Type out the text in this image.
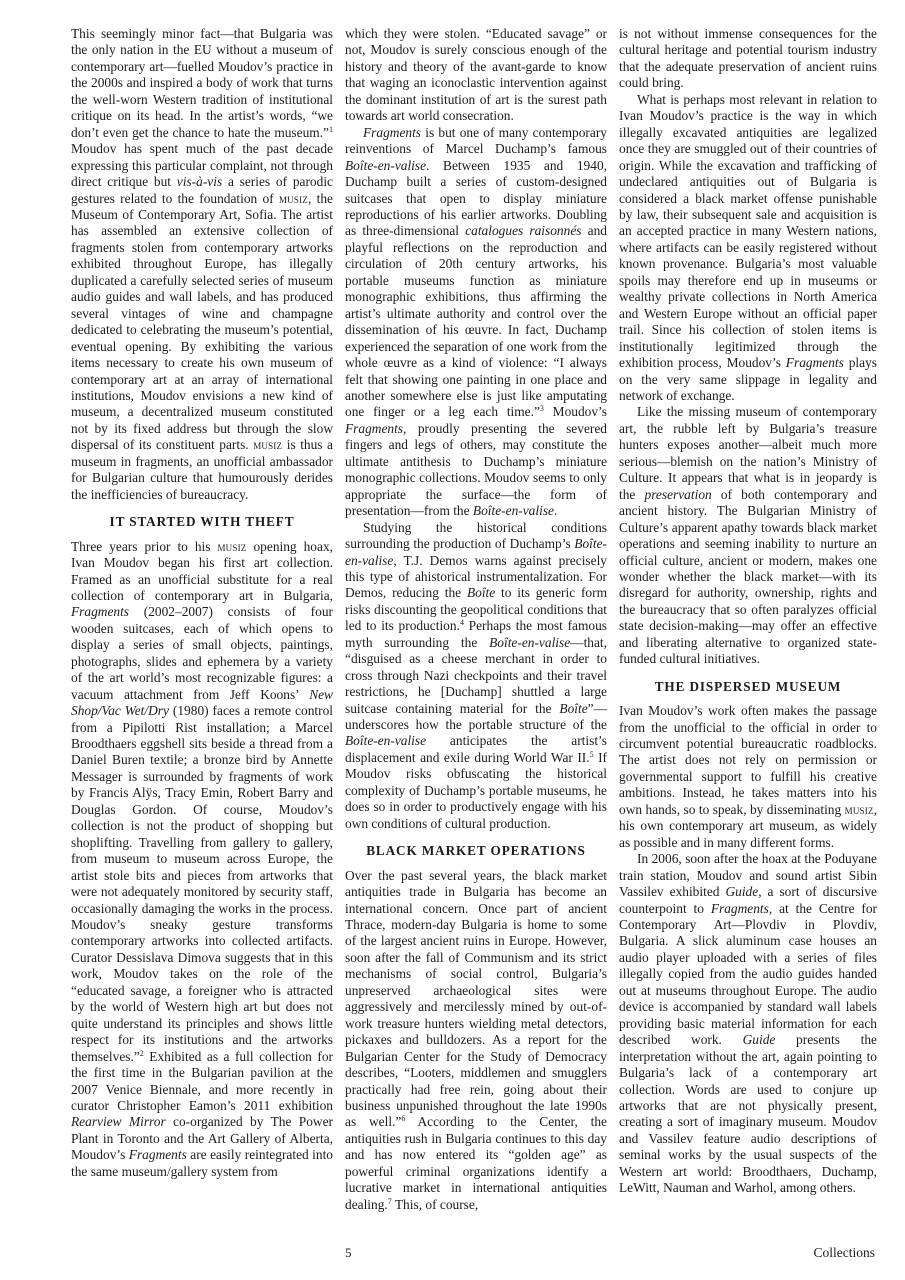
This seemingly minor fact—that Bulgaria was the only nation in the EU without a museum of contemporary art—fuelled Moudov’s practice in the 2000s and inspired a body of work that turns the well-worn Western tradition of institutional critique on its head. In the artist’s words, “we don’t even get the chance to hate the museum.”$^1$ Moudov has spent much of the past decade expressing this particular complaint, not through direct critique but vis-à-vis a series of parodic gestures related to the foundation of musiz, the Museum of Contemporary Art, Sofia. The artist has assembled an extensive collection of fragments stolen from contemporary artworks exhibited throughout Europe, has illegally duplicated a carefully selected series of museum audio guides and wall labels, and has produced several vintages of wine and champagne dedicated to celebrating the museum’s potential, eventual opening. By exhibiting the various items necessary to create his own museum of contemporary art at an array of international institutions, Moudov envisions a new kind of museum, a decentralized museum constituted not by its fixed address but through the slow dispersal of its constituent parts. musiz is thus a museum in fragments, an unofficial ambassador for Bulgarian culture that humourously derides the inefficiencies of bureaucracy.

IT STARTED WITH THEFT

Three years prior to his musiz opening hoax, Ivan Moudov began his first art collection. Framed as an unofficial substitute for a real collection of contemporary art in Bulgaria, Fragments (2002–2007) consists of four wooden suitcases, each of which opens to display a series of small objects, paintings, photographs, slides and ephemera by a variety of the art world’s most recognizable figures: a vacuum attachment from Jeff Koons’ New Shop/Vac Wet/Dry (1980) faces a remote control from a Pipilotti Rist installation; a Marcel Broodthaers eggshell sits beside a thread from a Daniel Buren textile; a bronze bird by Annette Messager is surrounded by fragments of work by Francis Alÿs, Tracy Emin, Robert Barry and Douglas Gordon. Of course, Moudov’s collection is not the product of shopping but shoplifting. Travelling from gallery to gallery, from museum to museum across Europe, the artist stole bits and pieces from artworks that were not adequately monitored by security staff, occasionally damaging the works in the process. Moudov’s sneaky gesture transforms contemporary artworks into collected artifacts. Curator Dessislava Dimova suggests that in this work, Moudov takes on the role of the “educated savage, a foreigner who is attracted by the world of Western high art but does not quite understand its principles and shows little respect for its institutions and the artworks themselves.”$^2$ Exhibited as a full collection for the first time in the Bulgarian pavilion at the 2007 Venice Biennale, and more recently in curator Christopher Eamon’s 2011 exhibition Rearview Mirror co-organized by The Power Plant in Toronto and the Art Gallery of Alberta, Moudov’s Fragments are easily reintegrated into the same museum/gallery system from

which they were stolen. “Educated savage” or not, Moudov is surely conscious enough of the history and theory of the avant-garde to know that waging an iconoclastic intervention against the dominant institution of art is the surest path towards art world consecration.

Fragments is but one of many contemporary reinventions of Marcel Duchamp’s famous Boîte-en-valise. Between 1935 and 1940, Duchamp built a series of custom-designed suitcases that open to display miniature reproductions of his earlier artworks. Doubling as three-dimensional catalogues raisonnés and playful reflections on the reproduction and circulation of 20th century artworks, his portable museums function as miniature monographic exhibitions, thus affirming the artist’s ultimate authority and control over the dissemination of his œuvre. In fact, Duchamp experienced the separation of one work from the whole œuvre as a kind of violence: “I always felt that showing one painting in one place and another somewhere else is just like amputating one finger or a leg each time.”$^3$ Moudov’s Fragments, proudly presenting the severed fingers and legs of others, may constitute the ultimate antithesis to Duchamp’s miniature monographic collections. Moudov seems to only appropriate the surface—the form of presentation—from the Boîte-en-valise.

Studying the historical conditions surrounding the production of Duchamp’s Boîte-en-valise, T.J. Demos warns against precisely this type of ahistorical instrumentalization. For Demos, reducing the Boîte to its generic form risks discounting the geopolitical conditions that led to its production.$^4$ Perhaps the most famous myth surrounding the Boîte-en-valise—that, “disguised as a cheese merchant in order to cross through Nazi checkpoints and their travel restrictions, he [Duchamp] shuttled a large suitcase containing material for the Boîte”—underscores how the portable structure of the Boîte-en-valise anticipates the artist’s displacement and exile during World War II.$^5$ If Moudov risks obfuscating the historical complexity of Duchamp’s portable museums, he does so in order to productively engage with his own conditions of cultural production.

BLACK MARKET OPERATIONS

Over the past several years, the black market antiquities trade in Bulgaria has become an international concern. Once part of ancient Thrace, modern-day Bulgaria is home to some of the largest ancient ruins in Europe. However, soon after the fall of Communism and its strict mechanisms of social control, Bulgaria’s unpreserved archaeological sites were aggressively and mercilessly mined by out-of-work treasure hunters wielding metal detectors, pickaxes and bulldozers. As a report for the Bulgarian Center for the Study of Democracy describes, “Looters, middlemen and smugglers practically had free rein, going about their business unpunished throughout the late 1990s as well.”$^6$ According to the Center, the antiquities rush in Bulgaria continues to this day and has now entered its “golden age” as powerful criminal organizations identify a lucrative market in international antiquities dealing.$^7$ This, of course,

is not without immense consequences for the cultural heritage and potential tourism industry that the adequate preservation of ancient ruins could bring.

What is perhaps most relevant in relation to Ivan Moudov’s practice is the way in which illegally excavated antiquities are legalized once they are smuggled out of their countries of origin. While the excavation and trafficking of undeclared antiquities out of Bulgaria is considered a black market offense punishable by law, their subsequent sale and acquisition is an accepted practice in many Western nations, where artifacts can be easily registered without known provenance. Bulgaria’s most valuable spoils may therefore end up in museums or wealthy private collections in North America and Western Europe without an official paper trail. Since his collection of stolen items is institutionally legitimized through the exhibition process, Moudov’s Fragments plays on the very same slippage in legality and network of exchange.

Like the missing museum of contemporary art, the rubble left by Bulgaria’s treasure hunters exposes another—albeit much more serious—blemish on the nation’s Ministry of Culture. It appears that what is in jeopardy is the preservation of both contemporary and ancient history. The Bulgarian Ministry of Culture’s apparent apathy towards black market operations and seeming inability to nurture an official culture, ancient or modern, makes one wonder whether the black market—with its disregard for authority, ownership, rights and the bureaucracy that so often paralyzes official state decision-making—may offer an effective and liberating alternative to organized state-funded cultural initiatives.

THE DISPERSED MUSEUM

Ivan Moudov’s work often makes the passage from the unofficial to the official in order to circumvent potential bureaucratic roadblocks. The artist does not rely on permission or governmental support to fulfill his creative ambitions. Instead, he takes matters into his own hands, so to speak, by disseminating musiz, his own contemporary art museum, as widely as possible and in many different forms.

In 2006, soon after the hoax at the Poduyane train station, Moudov and sound artist Sibin Vassilev exhibited Guide, a sort of discursive counterpoint to Fragments, at the Centre for Contemporary Art—Plovdiv in Plovdiv, Bulgaria. A slick aluminum case houses an audio player uploaded with a series of files illegally copied from the audio guides handed out at museums throughout Europe. The audio device is accompanied by standard wall labels providing basic material information for each described work. Guide presents the interpretation without the art, again pointing to Bulgaria’s lack of a contemporary art collection. Words are used to conjure up artworks that are not physically present, creating a sort of imaginary museum. Moudov and Vassilev feature audio descriptions of seminal works by the usual suspects of the Western art world: Broodthaers, Duchamp, LeWitt, Nauman and Warhol, among others.

5	Collections
